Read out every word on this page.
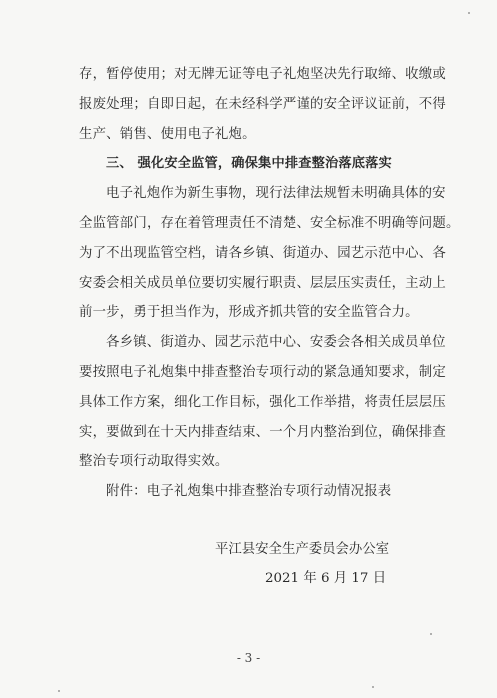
存，暂停使用；对无牌无证等电子礼炮坚决先行取缔、收缴或
报废处理；自即日起，在未经科学严谨的安全评议证前，不得
生产、销售、使用电子礼炮。
三、 强化安全监管，确保集中排查整治落底落实
电子礼炮作为新生事物，现行法律法规暂未明确具体的安
全监管部门，存在着管理责任不清楚、安全标准不明确等问题。
为了不出现监管空档，请各乡镇、街道办、园艺示范中心、各
安委会相关成员单位要切实履行职责、层层压实责任，主动上
前一步，勇于担当作为，形成齐抓共管的安全监管合力。
各乡镇、街道办、园艺示范中心、安委会各相关成员单位
要按照电子礼炮集中排查整治专项行动的紧急通知要求，制定
具体工作方案，细化工作目标，强化工作举措，将责任层层压
实，要做到在十天内排查结束、一个月内整治到位，确保排查
整治专项行动取得实效。
附件：电子礼炮集中排查整治专项行动情况报表
平江县安全生产委员会办公室
2021 年 6 月 17 日
- 3 -
